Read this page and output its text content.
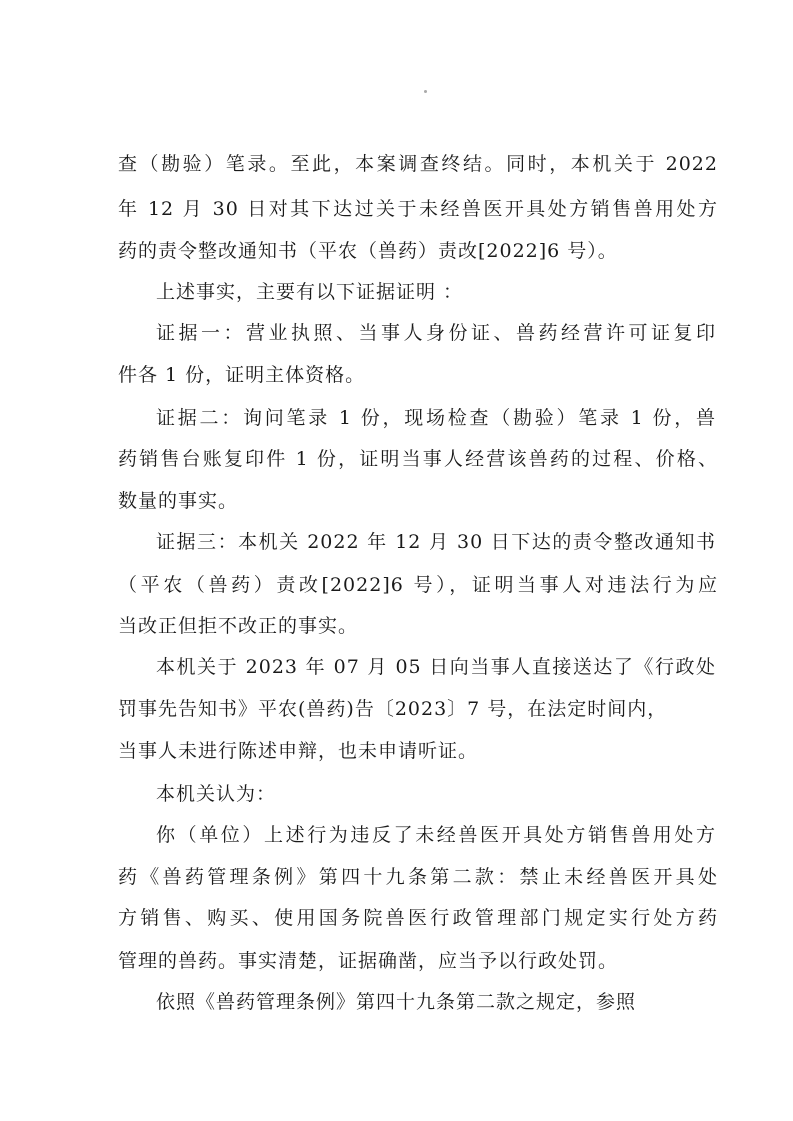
查（勘验）笔录。至此，本案调查终结。同时，本机关于 2022
年 12 月 30 日对其下达过关于未经兽医开具处方销售兽用处方
药的责令整改通知书（平农（兽药）责改[2022]6 号）。
上述事实，主要有以下证据证明 ：
证据一：营业执照、当事人身份证、兽药经营许可证复印
件各 1 份，证明主体资格。
证据二：询问笔录 1 份，现场检查（勘验）笔录 1 份，兽
药销售台账复印件 1 份，证明当事人经营该兽药的过程、价格、
数量的事实。
证据三：本机关 2022 年 12 月 30 日下达的责令整改通知书
（平农（兽药）责改[2022]6 号），证明当事人对违法行为应
当改正但拒不改正的事实。
本机关于 2023 年 07 月 05 日向当事人直接送达了《行政处
罚事先告知书》平农(兽药)告〔2023〕7 号，在法定时间内，
当事人未进行陈述申辩，也未申请听证。
本机关认为：
你（单位）上述行为违反了未经兽医开具处方销售兽用处方
药《兽药管理条例》第四十九条第二款：禁止未经兽医开具处
方销售、购买、使用国务院兽医行政管理部门规定实行处方药
管理的兽药。事实清楚，证据确凿，应当予以行政处罚。
依照《兽药管理条例》第四十九条第二款之规定，参照
